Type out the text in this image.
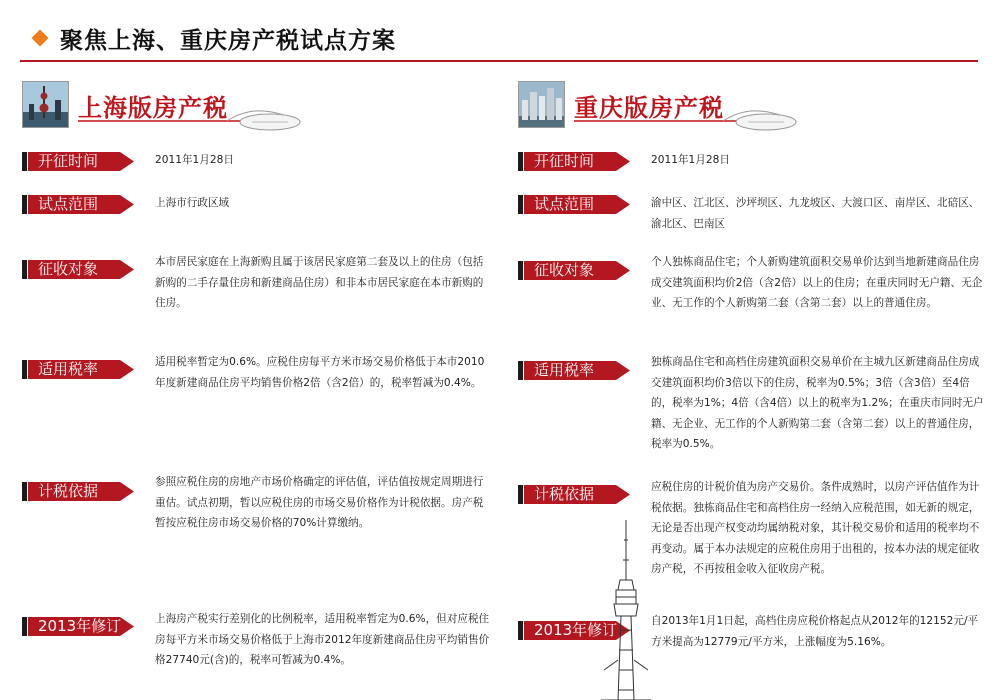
聚焦上海、重庆房产税试点方案
上海版房产税
开征时间	2011年1月28日
试点范围	上海市行政区域
征收对象	本市居民家庭在上海新购且属于该居民家庭第二套及以上的住房（包括新购的二手存量住房和新建商品住房）和非本市居民家庭在本市新购的住房。
适用税率	适用税率暂定为0.6%。应税住房每平方米市场交易价格低于本市2010年度新建商品住房平均销售价格2倍（含2倍）的，税率暂减为0.4%。
计税依据	参照应税住房的房地产市场价格确定的评估值，评估值按规定周期进行重估。试点初期，暂以应税住房的市场交易价格作为计税依据。房产税暂按应税住房市场交易价格的70%计算缴纳。
2013年修订	上海房产税实行差别化的比例税率，适用税率暂定为0.6%，但对应税住房每平方米市场交易价格低于上海市2012年度新建商品住房平均销售价格27740元(含)的，税率可暂减为0.4%。
重庆版房产税
开征时间	2011年1月28日
试点范围	渝中区、江北区、沙坪坝区、九龙坡区、大渡口区、南岸区、北碚区、渝北区、巴南区
征收对象	个人独栋商品住宅；个人新购建筑面积交易单价达到当地新建商品住房成交建筑面积均价2倍（含2倍）以上的住房；在重庆同时无户籍、无企业、无工作的个人新购第二套（含第二套）以上的普通住房。
适用税率	独栋商品住宅和高档住房建筑面积交易单价在主城九区新建商品住房成交建筑面积均价3倍以下的住房，税率为0.5%；3倍（含3倍）至4倍的，税率为1%；4倍（含4倍）以上的税率为1.2%；在重庆市同时无户籍、无企业、无工作的个人新购第二套（含第二套）以上的普通住房，税率为0.5%。
计税依据	应税住房的计税价值为房产交易价。条件成熟时，以房产评估值作为计税依据。独栋商品住宅和高档住房一经纳入应税范围，如无新的规定，无论是否出现产权变动均属纳税对象，其计税交易价和适用的税率均不再变动。属于本办法规定的应税住房用于出租的，按本办法的规定征收房产税，不再按租金收入征收房产税。
2013年修订	自2013年1月1日起，高档住房应税价格起点从2012年的12152元/平方米提高为12779元/平方米，上涨幅度为5.16%。
